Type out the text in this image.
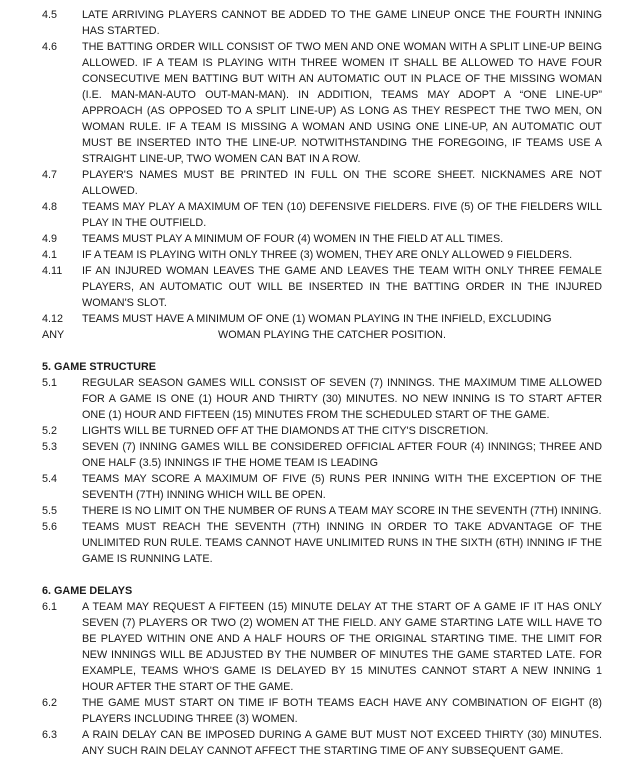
4.5	LATE ARRIVING PLAYERS CANNOT BE ADDED TO THE GAME LINEUP ONCE THE FOURTH INNING HAS STARTED.
4.6	THE BATTING ORDER WILL CONSIST OF TWO MEN AND ONE WOMAN WITH A SPLIT LINE-UP BEING ALLOWED. IF A TEAM IS PLAYING WITH THREE WOMEN IT SHALL BE ALLOWED TO HAVE FOUR CONSECUTIVE MEN BATTING BUT WITH AN AUTOMATIC OUT IN PLACE OF THE MISSING WOMAN (I.E. MAN-MAN-AUTO OUT-MAN-MAN). IN ADDITION, TEAMS MAY ADOPT A “ONE LINE-UP” APPROACH (AS OPPOSED TO A SPLIT LINE-UP) AS LONG AS THEY RESPECT THE TWO MEN, ON WOMAN RULE. IF A TEAM IS MISSING A WOMAN AND USING ONE LINE-UP, AN AUTOMATIC OUT MUST BE INSERTED INTO THE LINE-UP. NOTWITHSTANDING THE FOREGOING, IF TEAMS USE A STRAIGHT LINE-UP, TWO WOMEN CAN BAT IN A ROW.
4.7	PLAYER'S NAMES MUST BE PRINTED IN FULL ON THE SCORE SHEET. NICKNAMES ARE NOT ALLOWED.
4.8	TEAMS MAY PLAY A MAXIMUM OF TEN (10) DEFENSIVE FIELDERS. FIVE (5) OF THE FIELDERS WILL PLAY IN THE OUTFIELD.
4.9	TEAMS MUST PLAY A MINIMUM OF FOUR (4) WOMEN IN THE FIELD AT ALL TIMES.
4.1	IF A TEAM IS PLAYING WITH ONLY THREE (3) WOMEN, THEY ARE ONLY ALLOWED 9 FIELDERS.
4.11	IF AN INJURED WOMAN LEAVES THE GAME AND LEAVES THE TEAM WITH ONLY THREE FEMALE PLAYERS, AN AUTOMATIC OUT WILL BE INSERTED IN THE BATTING ORDER IN THE INJURED WOMAN'S SLOT.
4.12	TEAMS MUST HAVE A MINIMUM OF ONE (1) WOMAN PLAYING IN THE INFIELD, EXCLUDING
ANY	WOMAN PLAYING THE CATCHER POSITION.
5. GAME STRUCTURE
5.1	REGULAR SEASON GAMES WILL CONSIST OF SEVEN (7) INNINGS. THE MAXIMUM TIME ALLOWED FOR A GAME IS ONE (1) HOUR AND THIRTY (30) MINUTES. NO NEW INNING IS TO START AFTER ONE (1) HOUR AND FIFTEEN (15) MINUTES FROM THE SCHEDULED START OF THE GAME.
5.2	LIGHTS WILL BE TURNED OFF AT THE DIAMONDS AT THE CITY'S DISCRETION.
5.3	SEVEN (7) INNING GAMES WILL BE CONSIDERED OFFICIAL AFTER FOUR (4) INNINGS; THREE AND ONE HALF (3.5) INNINGS IF THE HOME TEAM IS LEADING
5.4	TEAMS MAY SCORE A MAXIMUM OF FIVE (5) RUNS PER INNING WITH THE EXCEPTION OF THE SEVENTH (7TH) INNING WHICH WILL BE OPEN.
5.5	THERE IS NO LIMIT ON THE NUMBER OF RUNS A TEAM MAY SCORE IN THE SEVENTH (7TH) INNING.
5.6	TEAMS MUST REACH THE SEVENTH (7TH) INNING IN ORDER TO TAKE ADVANTAGE OF THE UNLIMITED RUN RULE. TEAMS CANNOT HAVE UNLIMITED RUNS IN THE SIXTH (6TH) INNING IF THE GAME IS RUNNING LATE.
6. GAME DELAYS
6.1	A TEAM MAY REQUEST A FIFTEEN (15) MINUTE DELAY AT THE START OF A GAME IF IT HAS ONLY SEVEN (7) PLAYERS OR TWO (2) WOMEN AT THE FIELD. ANY GAME STARTING LATE WILL HAVE TO BE PLAYED WITHIN ONE AND A HALF HOURS OF THE ORIGINAL STARTING TIME. THE LIMIT FOR NEW INNINGS WILL BE ADJUSTED BY THE NUMBER OF MINUTES THE GAME STARTED LATE. FOR EXAMPLE, TEAMS WHO'S GAME IS DELAYED BY 15 MINUTES CANNOT START A NEW INNING 1 HOUR AFTER THE START OF THE GAME.
6.2	THE GAME MUST START ON TIME IF BOTH TEAMS EACH HAVE ANY COMBINATION OF EIGHT (8) PLAYERS INCLUDING THREE (3) WOMEN.
6.3	A RAIN DELAY CAN BE IMPOSED DURING A GAME BUT MUST NOT EXCEED THIRTY (30) MINUTES. ANY SUCH RAIN DELAY CANNOT AFFECT THE STARTING TIME OF ANY SUBSEQUENT GAME.
